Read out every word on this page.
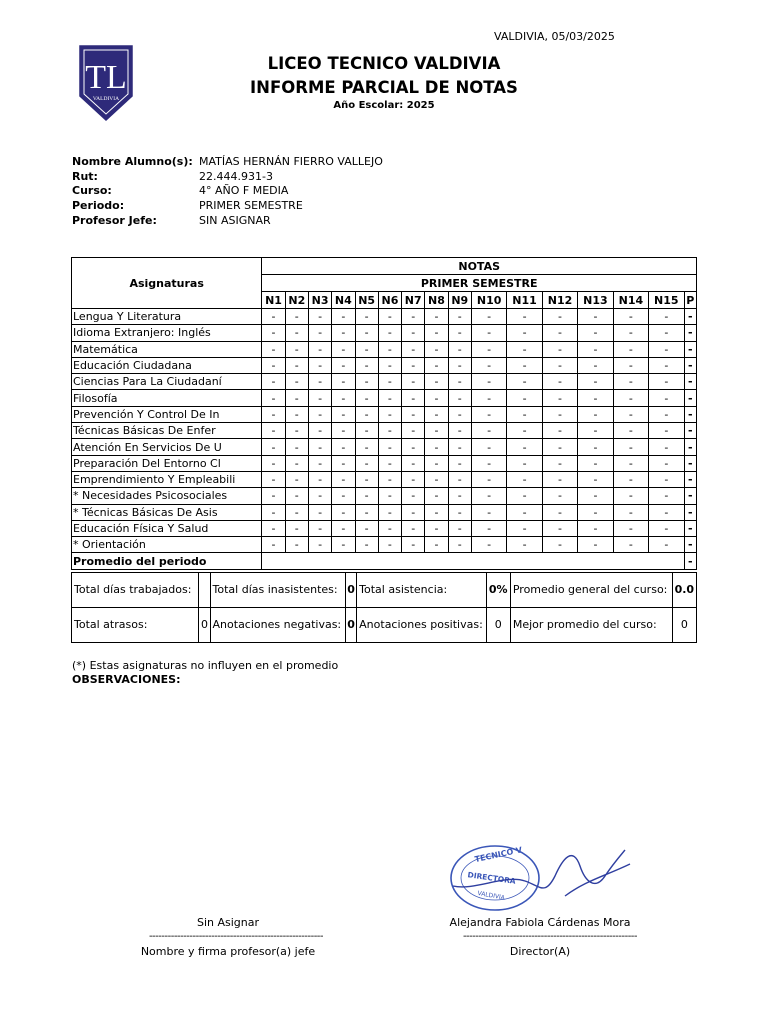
VALDIVIA, 05/03/2025
TL
VALDIVIA
LICEO TECNICO VALDIVIA
INFORME PARCIAL DE NOTAS
Año Escolar: 2025
Nombre Alumno(s):	MATÍAS HERNÁN FIERRO VALLEJO
Rut:	22.444.931-3
Curso:	4° AÑO F MEDIA
Periodo:	PRIMER SEMESTRE
Profesor Jefe:	SIN ASIGNAR
Asignaturas	NOTAS															
	PRIMER SEMESTRE															
	N1	N2	N3	N4	N5	N6	N7	N8	N9	N10	N11	N12	N13	N14	N15	P
Lengua Y Literatura	-	-	-	-	-	-	-	-	-	-	-	-	-	-	-	-
Idioma Extranjero: Inglés	-	-	-	-	-	-	-	-	-	-	-	-	-	-	-	-
Matemática	-	-	-	-	-	-	-	-	-	-	-	-	-	-	-	-
Educación Ciudadana	-	-	-	-	-	-	-	-	-	-	-	-	-	-	-	-
Ciencias Para La Ciudadaní	-	-	-	-	-	-	-	-	-	-	-	-	-	-	-	-
Filosofía	-	-	-	-	-	-	-	-	-	-	-	-	-	-	-	-
Prevención Y Control De In	-	-	-	-	-	-	-	-	-	-	-	-	-	-	-	-
Técnicas Básicas De Enfer	-	-	-	-	-	-	-	-	-	-	-	-	-	-	-	-
Atención En Servicios De U	-	-	-	-	-	-	-	-	-	-	-	-	-	-	-	-
Preparación Del Entorno Cl	-	-	-	-	-	-	-	-	-	-	-	-	-	-	-	-
Emprendimiento Y Empleabili	-	-	-	-	-	-	-	-	-	-	-	-	-	-	-	-
* Necesidades Psicosociales	-	-	-	-	-	-	-	-	-	-	-	-	-	-	-	-
* Técnicas Básicas De Asis	-	-	-	-	-	-	-	-	-	-	-	-	-	-	-	-
Educación Física Y Salud	-	-	-	-	-	-	-	-	-	-	-	-	-	-	-	-
* Orientación	-	-	-	-	-	-	-	-	-	-	-	-	-	-	-	-
Promedio del periodo																-
Total días trabajados:		Total días inasistentes:	0	Total asistencia:	0%	Promedio general del curso:	0.0
Total atrasos:	0	Anotaciones negativas:	0	Anotaciones positivas:	0	Mejor promedio del curso:	0
(*) Estas asignaturas no influyen en el promedio
OBSERVACIONES:
TECNICO V
DIRECTORA
VALDIVIA
Sin Asignar
--------------------------------------------------------
Nombre y firma profesor(a) jefe
Alejandra Fabiola Cárdenas Mora
--------------------------------------------------------
Director(A)
